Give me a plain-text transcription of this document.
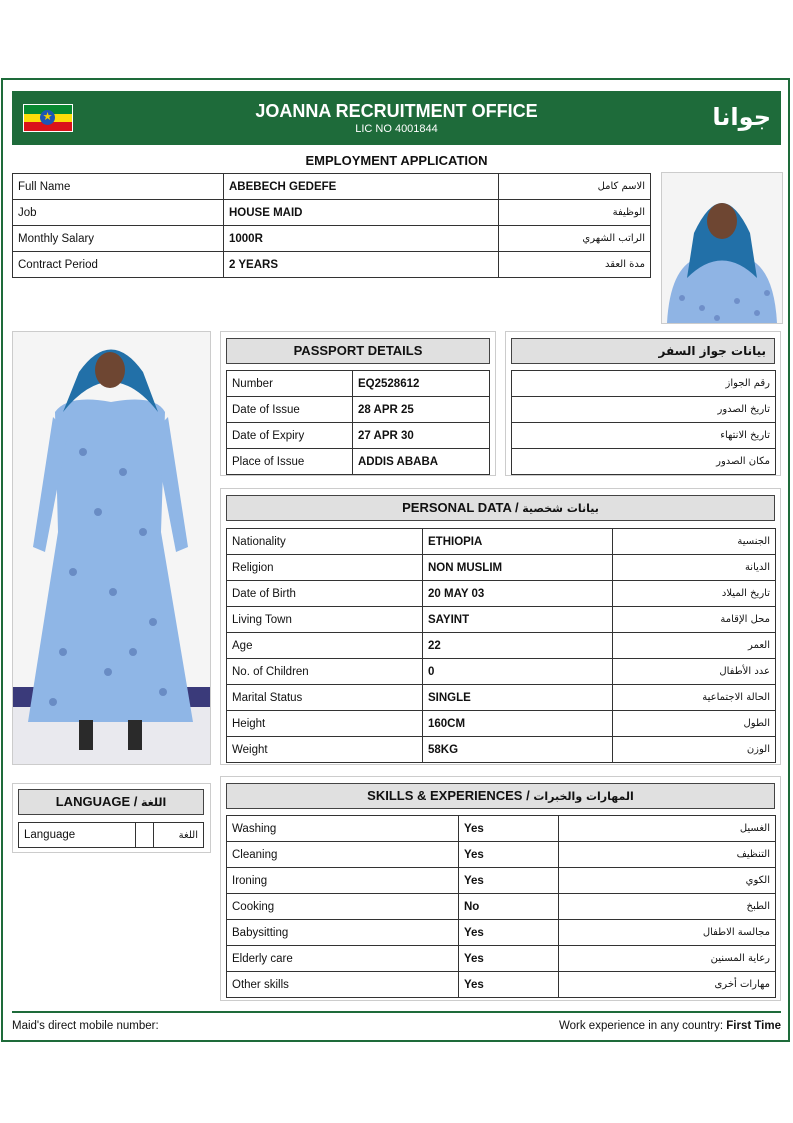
★	JOANNA RECRUITMENT OFFICE
LIC NO 4001844	جوانا
EMPLOYMENT APPLICATION
Full Name	ABEBECH GEDEFE	الاسم كامل
Job	HOUSE MAID	الوظيفة
Monthly Salary	1000R	الراتب الشهري
Contract Period	2 YEARS	مدة العقد
PASSPORT DETAILS
Number	EQ2528612
Date of Issue	28 APR 25
Date of Expiry	27 APR 30
Place of Issue	ADDIS ABABA
بيانات جواز السفر
رقم الجواز
تاريخ الصدور
تاريخ الانتهاء
مكان الصدور
PERSONAL DATA / بيانات شخصية
Nationality	ETHIOPIA	الجنسية
Religion	NON MUSLIM	الديانة
Date of Birth	20 MAY 03	تاريخ الميلاد
Living Town	SAYINT	محل الإقامة
Age	22	العمر
No. of Children	0	عدد الأطفال
Marital Status	SINGLE	الحالة الاجتماعية
Height	160CM	الطول
Weight	58KG	الوزن
LANGUAGE / اللغة
Language		اللغة
SKILLS & EXPERIENCES / المهارات والخبرات
Washing	Yes	الغسيل
Cleaning	Yes	التنظيف
Ironing	Yes	الكوي
Cooking	No	الطبخ
Babysitting	Yes	مجالسة الاطفال
Elderly care	Yes	رعاية المسنين
Other skills	Yes	مهارات أخرى
Maid's direct mobile number:	Work experience in any country: First Time
